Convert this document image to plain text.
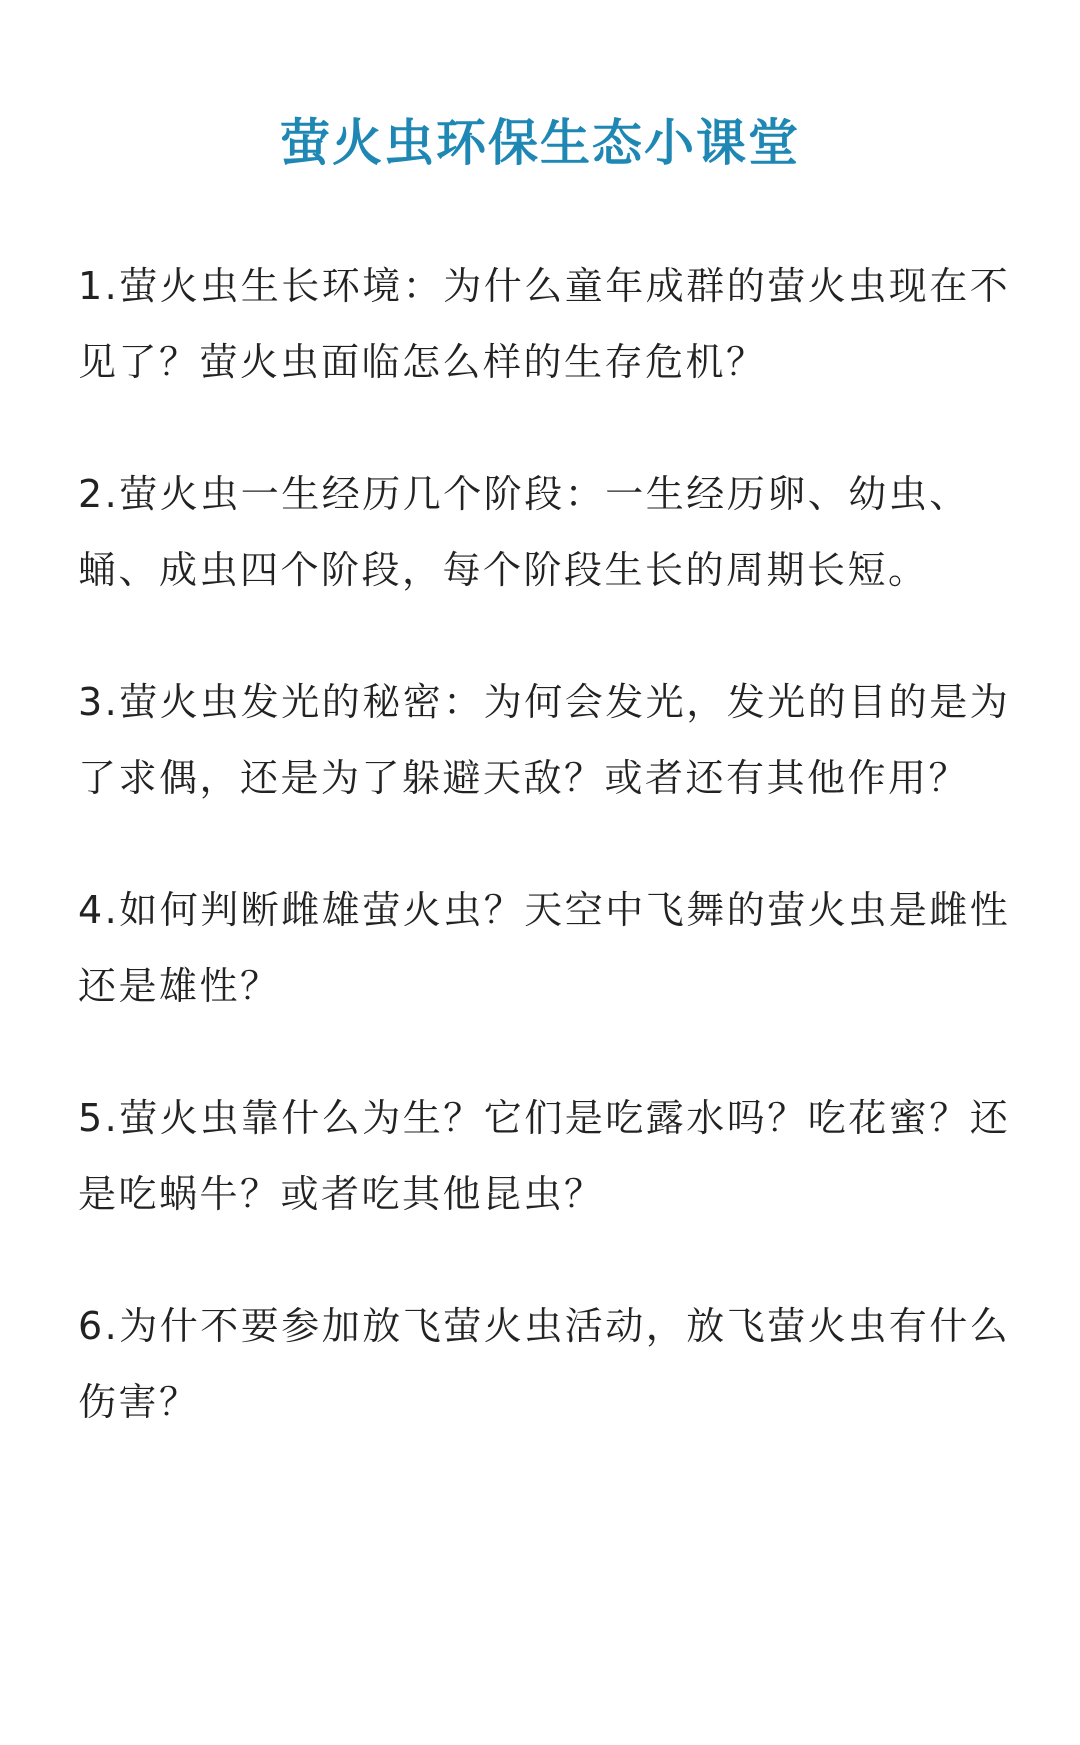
萤火虫环保生态小课堂
1.萤火虫生长环境：为什么童年成群的萤火虫现在不见了？萤火虫面临怎么样的生存危机？
2.萤火虫一生经历几个阶段：一生经历卵、幼虫、蛹、成虫四个阶段，每个阶段生长的周期长短。
3.萤火虫发光的秘密：为何会发光，发光的目的是为了求偶，还是为了躲避天敌？或者还有其他作用？
4.如何判断雌雄萤火虫？天空中飞舞的萤火虫是雌性还是雄性？
5.萤火虫靠什么为生？它们是吃露水吗？吃花蜜？还是吃蜗牛？或者吃其他昆虫？
6.为什不要参加放飞萤火虫活动，放飞萤火虫有什么伤害？
